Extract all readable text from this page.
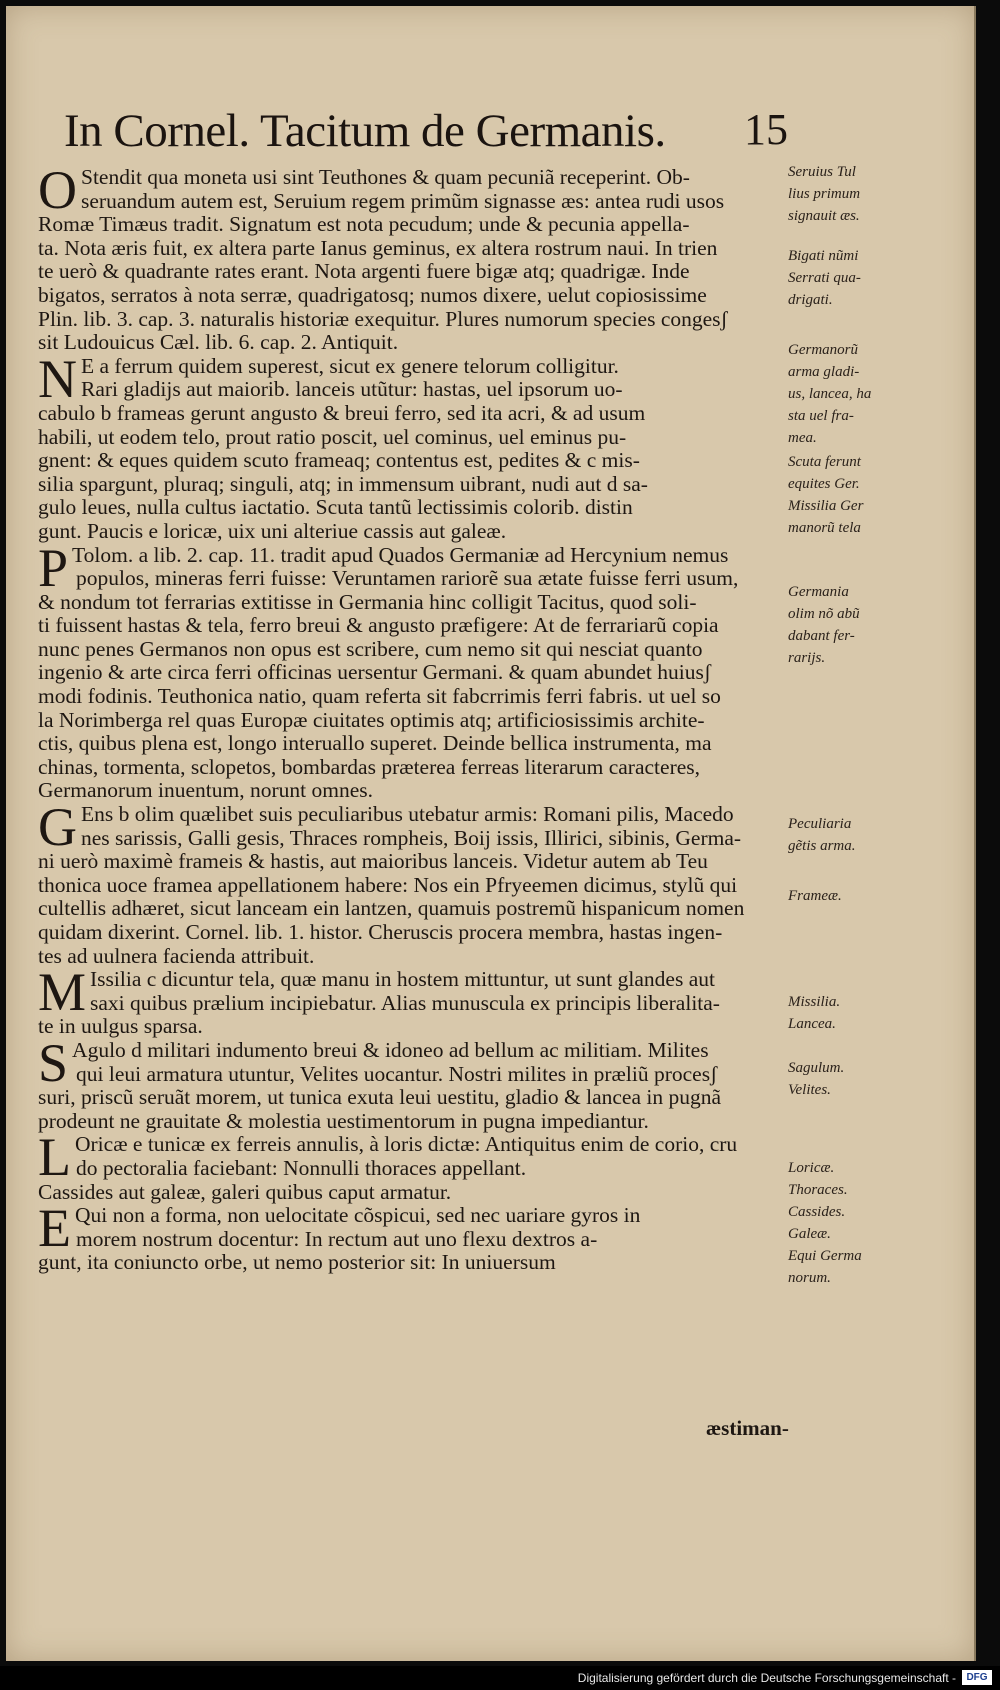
In Cornel. Tacitum de Germanis. 15
O Stendit qua moneta usi sint Teuthones & quam pecuniã receperint. Ob-
seruandum autem est, Seruium regem primũm signasse æs: antea rudi usos
Romæ Timæus tradit. Signatum est nota pecudum; unde & pecunia appella-
ta. Nota æris fuit, ex altera parte Ianus geminus, ex altera rostrum naui. In trien
te uerò & quadrante rates erant. Nota argenti fuere bigæ atq; quadrigæ. Inde
bigatos, serratos à nota serræ, quadrigatosq; numos dixere, uelut copiosissime
Plin. lib. 3. cap. 3. naturalis historiæ exequitur. Plures numorum species congesʃ
sit Ludouicus Cæl. lib. 6. cap. 2. Antiquit.
N E a ferrum quidem superest, sicut ex genere telorum colligitur.
Rari gladijs aut maiorib. lanceis utũtur: hastas, uel ipsorum uo-
cabulo b frameas gerunt angusto & breui ferro, sed ita acri, & ad usum
habili, ut eodem telo, prout ratio poscit, uel cominus, uel eminus pu-
gnent: & eques quidem scuto frameaq; contentus est, pedites & c mis-
silia spargunt, pluraq; singuli, atq; in immensum uibrant, nudi aut d sa-
gulo leues, nulla cultus iactatio. Scuta tantũ lectissimis colorib. distin
gunt. Paucis e loricæ, uix uni alteriue cassis aut galeæ.
P Tolom. a lib. 2. cap. 11. tradit apud Quados Germaniæ ad Hercynium nemus
populos, mineras ferri fuisse: Veruntamen rariorẽ sua ætate fuisse ferri usum,
& nondum tot ferrarias extitisse in Germania hinc colligit Tacitus, quod soli-
ti fuissent hastas & tela, ferro breui & angusto præfigere: At de ferrariarũ copia
nunc penes Germanos non opus est scribere, cum nemo sit qui nesciat quanto
ingenio & arte circa ferri officinas uersentur Germani. & quam abundet huiusʃ
modi fodinis. Teuthonica natio, quam referta sit fabcrrimis ferri fabris. ut uel so
la Norimberga rel quas Europæ ciuitates optimis atq; artificiosissimis archite-
ctis, quibus plena est, longo interuallo superet. Deinde bellica instrumenta, ma
chinas, tormenta, sclopetos, bombardas præterea ferreas literarum caracteres,
Germanorum inuentum, norunt omnes.
G Ens b olim quælibet suis peculiaribus utebatur armis: Romani pilis, Macedo
nes sarissis, Galli gesis, Thraces rompheis, Boij issis, Illirici, sibinis, Germa-
ni uerò maximè frameis & hastis, aut maioribus lanceis. Videtur autem ab Teu
thonica uoce framea appellationem habere: Nos ein Pfryeemen dicimus, stylũ qui
cultellis adhæret, sicut lanceam ein lantzen, quamuis postremũ hispanicum nomen
quidam dixerint. Cornel. lib. 1. histor. Cheruscis procera membra, hastas ingen-
tes ad uulnera facienda attribuit.
M Issilia c dicuntur tela, quæ manu in hostem mittuntur, ut sunt glandes aut
saxi quibus prælium incipiebatur. Alias munuscula ex principis liberalita-
te in uulgus sparsa.
S Agulo d militari indumento breui & idoneo ad bellum ac militiam. Milites
qui leui armatura utuntur, Velites uocantur. Nostri milites in præliũ procesʃ
suri, priscũ seruãt morem, ut tunica exuta leui uestitu, gladio & lancea in pugnã
prodeunt ne grauitate & molestia uestimentorum in pugna impediantur.
L Oricæ e tunicæ ex ferreis annulis, à loris dictæ: Antiquitus enim de corio, cru
do pectoralia faciebant: Nonnulli thoraces appellant.
Cassides aut galeæ, galeri quibus caput armatur.
E Qui non a forma, non uelocitate cõspicui, sed nec uariare gyros in
morem nostrum docentur: In rectum aut uno flexu dextros a-
gunt, ita coniuncto orbe, ut nemo posterior sit: In uniuersum
Seruius Tul
lius primum
signauit æs.
Bigati nũmi
Serrati qua-
drigati.
Germanorũ
arma gladi-
us, lancea, ha
sta uel fra-
mea.
Scuta ferunt
equites Ger.
Missilia Ger
manorũ tela
Germania
olim nõ abũ
dabant fer-
rarijs.
Peculiaria
gẽtis arma.
Frameæ.
Missilia.
Lancea.
Sagulum.
Velites.
Loricæ.
Thoraces.
Cassides.
Galeæ.
Equi Germa
norum.
æstiman-
Digitalisierung gefördert durch die Deutsche Forschungsgemeinschaft -	DFG
